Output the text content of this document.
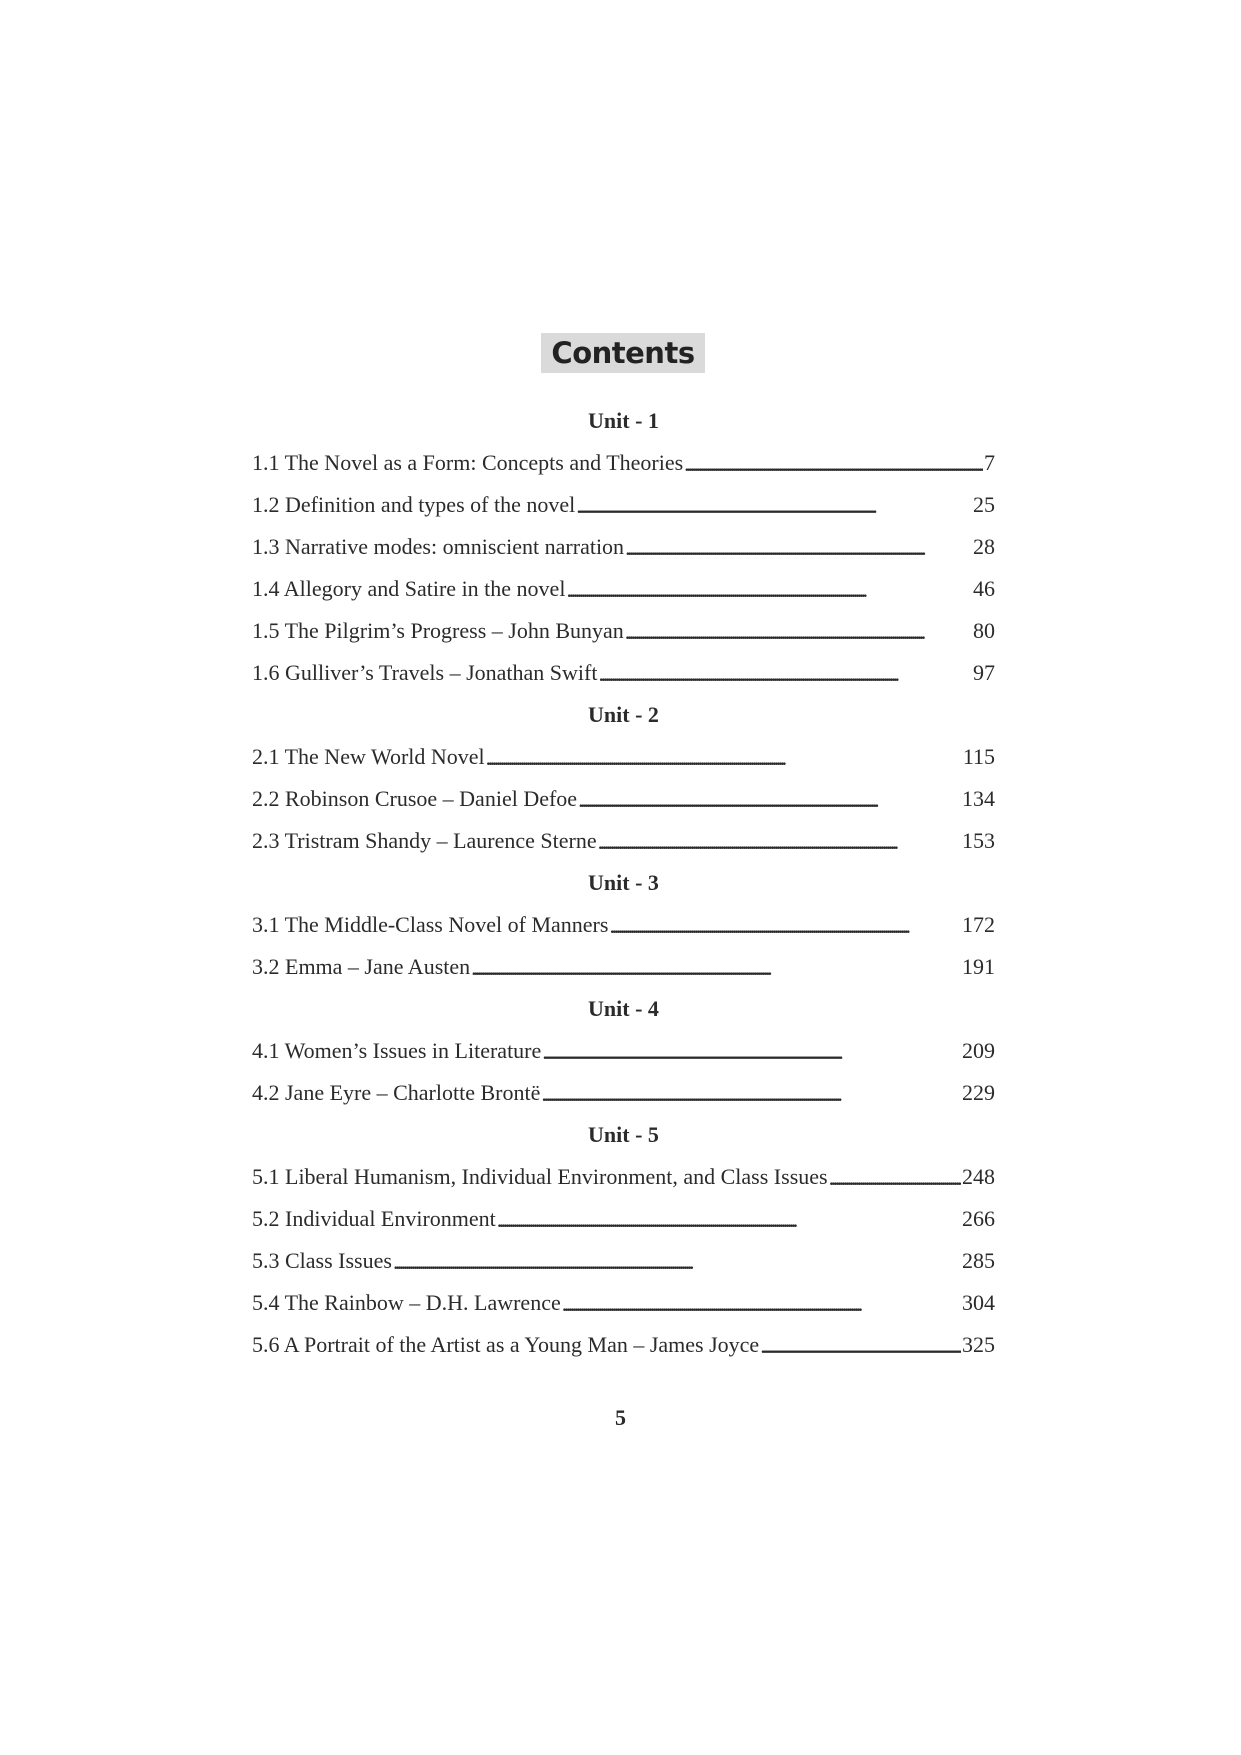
Contents
Unit - 1
1.1 The Novel as a Form: Concepts and Theories . . .	7
1.2 Definition and types of the novel . . .	25
1.3 Narrative modes: omniscient narration . . .	28
1.4 Allegory and Satire in the novel . . .	46
1.5 The Pilgrim’s Progress – John Bunyan . . .	80
1.6 Gulliver’s Travels – Jonathan Swift . . .	97
Unit - 2
2.1 The New World Novel . . .	115
2.2 Robinson Crusoe – Daniel Defoe . . .	134
2.3 Tristram Shandy – Laurence Sterne . . .	153
Unit - 3
3.1 The Middle-Class Novel of Manners . . .	172
3.2 Emma – Jane Austen . . .	191
Unit - 4
4.1 Women’s Issues in Literature . . .	209
4.2 Jane Eyre – Charlotte Brontë . . .	229
Unit - 5
5.1 Liberal Humanism, Individual Environment, and Class Issues . . .	248
5.2 Individual Environment . . .	266
5.3 Class Issues . . .	285
5.4 The Rainbow – D.H. Lawrence . . .	304
5.6 A Portrait of the Artist as a Young Man – James Joyce . . .	325
5
